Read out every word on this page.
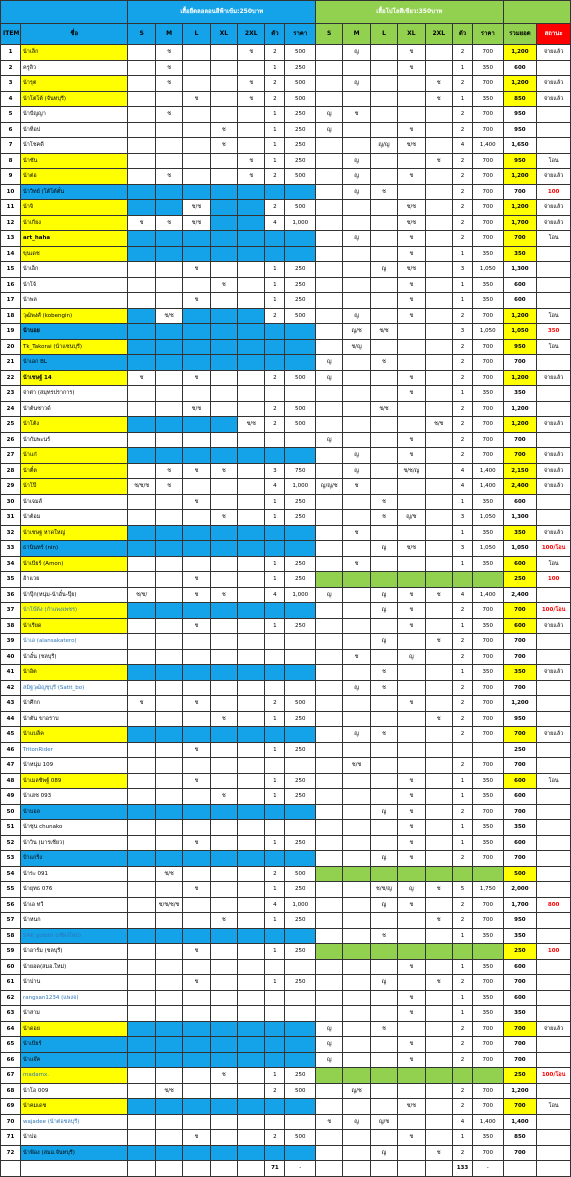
		เสื้อยืดลอลอนสีฟ้าเข้ม:250บาท							เสื้อโปโลสีเขียว:350บาท								
ITEM	ชื่อ	S	M	L	XL	2XL	ตัว	ราคา	S	M	L	XL	2XL	ตัว	ราคา	รวมยอด	สถานะ
1	น้าเล็ก		ช			ช	2	500		ญ		ช		2	700	1,200	จ่ายแล้ว
2	ครูลิว		ช				1	250				ช		1	350	600	
3	น้ารุต		ช			ช	2	500		ญ			ช	2	700	1,200	จ่ายแล้ว
4	น้าโตโต้ (จันทบุรี)			ช		ช	2	500					ช	1	350	850	จ่ายแล้ว
5	น้าปัญญา		ช				1	250	ญ	ช				2	700	950	
6	น้าท็อป				ช		1	250	ญ			ช		2	700	950	
7	น้าโชคดี				ช		1	250			ญ/ญ	ช/ช		4	1,400	1,650	
8	น้าชัน					ช	1	250		ญ			ช	2	700	950	โอน
9	น้าต่อ		ช			ช	2	500		ญ		ช		2	700	1,200	จ่ายแล้ว
10	น้าวิทย์ (โต้โต้ตั๋น									ญ	ช			2	700	700	100
11	น้าจิ			ช/ช			2	500				ช/ช		2	700	1,200	จ่ายแล้ว
12	น้าเกียง	ช	ช	ช/ช			4	1,000				ช/ช		2	700	1,700	จ่ายแล้ว
13	art_haha									ญ		ช		2	700	700	โอน
14	ขุนเดช											ช		1	350	350	
15	น้าเอ็ก			ช			1	250			ญ	ช/ช		3	1,050	1,300	
16	น้าโจ้				ช		1	250				ช		1	350	600	
17	น้าพล			ช			1	250				ช		1	350	600	
18	วุฒิพงศ์ (kobengin)		ช/ช				2	500		ญ		ช		2	700	1,200	โอน
19	น้าบอย									ญ/ช	ช/ช			3	1,050	1,050	350
20	Tk_Takorai (น้าแซนบุรี)									ช/ญ				2	700	950	โอน
21	น้าเอก BL								ญ		ช			2	700	700	
22	น้าเชษฐ์ 14	ช		ช			2	500	ญ			ช		2	700	1,200	จ่ายแล้ว
23	จ่าต่า (สมุทรปราการ)											ช		1	350	350	
24	น้าต้นซาวด์			ช/ช			2	500			ช/ช			2	700	1,200	
25	น้าโต้ง					ช/ช	2	500					ช/ช	2	700	1,200	จ่ายแล้ว
26	น้ากัมพะนร์								ญ			ช		2	700	700	
27	น้าแก๋									ญ		ช		2	700	700	จ่ายแล้ว
28	น้าตี๋ต		ช	ช	ช		3	750		ญ		ช/ช/ญ		4	1,400	2,150	จ่ายแล้ว
29	น้าโป๊	ช/ช/ช	ช				4	1,000	ญ/ญ/ช	ช				4	1,400	2,400	จ่ายแล้ว
30	น้าเจมส์			ช			1	250			ช			1	350	600	
31	น้าต้อม				ช		1	250			ช	ญ/ช		3	1,050	1,300	
32	น้าเชษฐ หาดใหญ่									ช				1	350	350	จ่ายแล้ว
33	ธานินทร์ (nin)										ญ	ช/ช		3	1,050	1,050	100/โอน
34	น้าเบียร์ (Amon)						1	250		ช				1	350	600	โอน
35	ฮ้าแวย			ช			1	250								250	100
36	น้าปุ๊ก(หนุ่ม-น้าอั๋น-ปุ๊ย)	ช/ช/		ช	ช		4	1,000	ญ		ญ	ช	ช	4	1,400	2,400	
37	น้าโบ๊ต้ง (กำแพงเพชร)										ญ	ช		2	700	700	100/โอน
38	น้าเรียด			ช			1	250				ช		1	350	600	จ่ายแล้ว
39	น้าเอ (alansakatero)										ญ		ช	2	700	700	
40	น้าอั๋น (ชลบุรี)									ช		ญ		2	700	700	
41	น้าอิต										ช			1	350	350	จ่ายแล้ว
42	สมิฐวุฒิญชุบุรี (Satit_bo)									ญ	ช			2	700	700	
43	น้าศึกก	ช		ช			2	500				ช		2	700	1,200	
44	น้าตัน ขาอราบ				ช		1	250					ช	2	700	950	
45	น้าแบล็ค									ญ	ช			2	700	700	จ่ายแล้ว
46	TritonRider			ช			1	250								250	
47	น้าหนุ่ม 109									ช/ช				2	700	700	
48	น้าเมลชิพฐ์ 089			ช			1	250				ช		1	350	600	โอน
49	น้าเฮช 093				ช		1	250				ช		1	350	600	
50	น้าบอล										ญ	ช		2	700	700	
51	น้าชุน chunako											ช		1	350	350	
52	น้าวิน (มารเชียว)			ช			1	250				ช		1	350	600	
53	ป้าแกร็ง										ญ	ช		2	700	700	
54	น้าระ 091		ช/ช				2	500								500	
55	น้ายุทธ 076			ช			1	250			ช/ช/ญ	ญ	ช	5	1,750	2,000	
56	น้าเอ ทวี		ช/ช/ช/ช				4	1,000			ญ	ช		2	700	1,700	800
57	น้าหนก				ช		1	250					ช	2	700	950	
58	SAK goldtri (เชียงใหม่)										ช			1	350	350	
59	น้าอาร์ม (ชลบุรี)			ช			1	250								250	100
60	น้ายอด(สมอ.ใหม่)											ช		1	350	600	
61	น้าปาน			ช			1	250			ญ		ช	2	700	700	
62	rangsan1234 (แพงจ)											ช		1	350	600	
63	น้าสาม											ช		1	350	350	
64	น้าดอย								ญ		ช			2	700	700	จ่ายแล้ว
65	น้าเบียร์								ญ			ช		2	700	700	
66	น้าแจ๊ค								ญ			ช		2	700	700	
67	madamx.				ช		1	250								250	100/โอน
68	น้าโอ 009		ช/ช				2	500		ญ/ช				2	700	1,200	
69	น้าคมเดช											ช/ช		2	700	700	โอน
70	wajadee (น้าต่อชลบุรี)								ช	ญ	ญ/ช			4	1,400	1,400	
71	น้าปอ			ช			2	500				ช		1	350	850	
72	น้าฟ้อง (สมอ.จันทบุรี)										ญ		ช	2	700	700	
							71	-						133	-		
